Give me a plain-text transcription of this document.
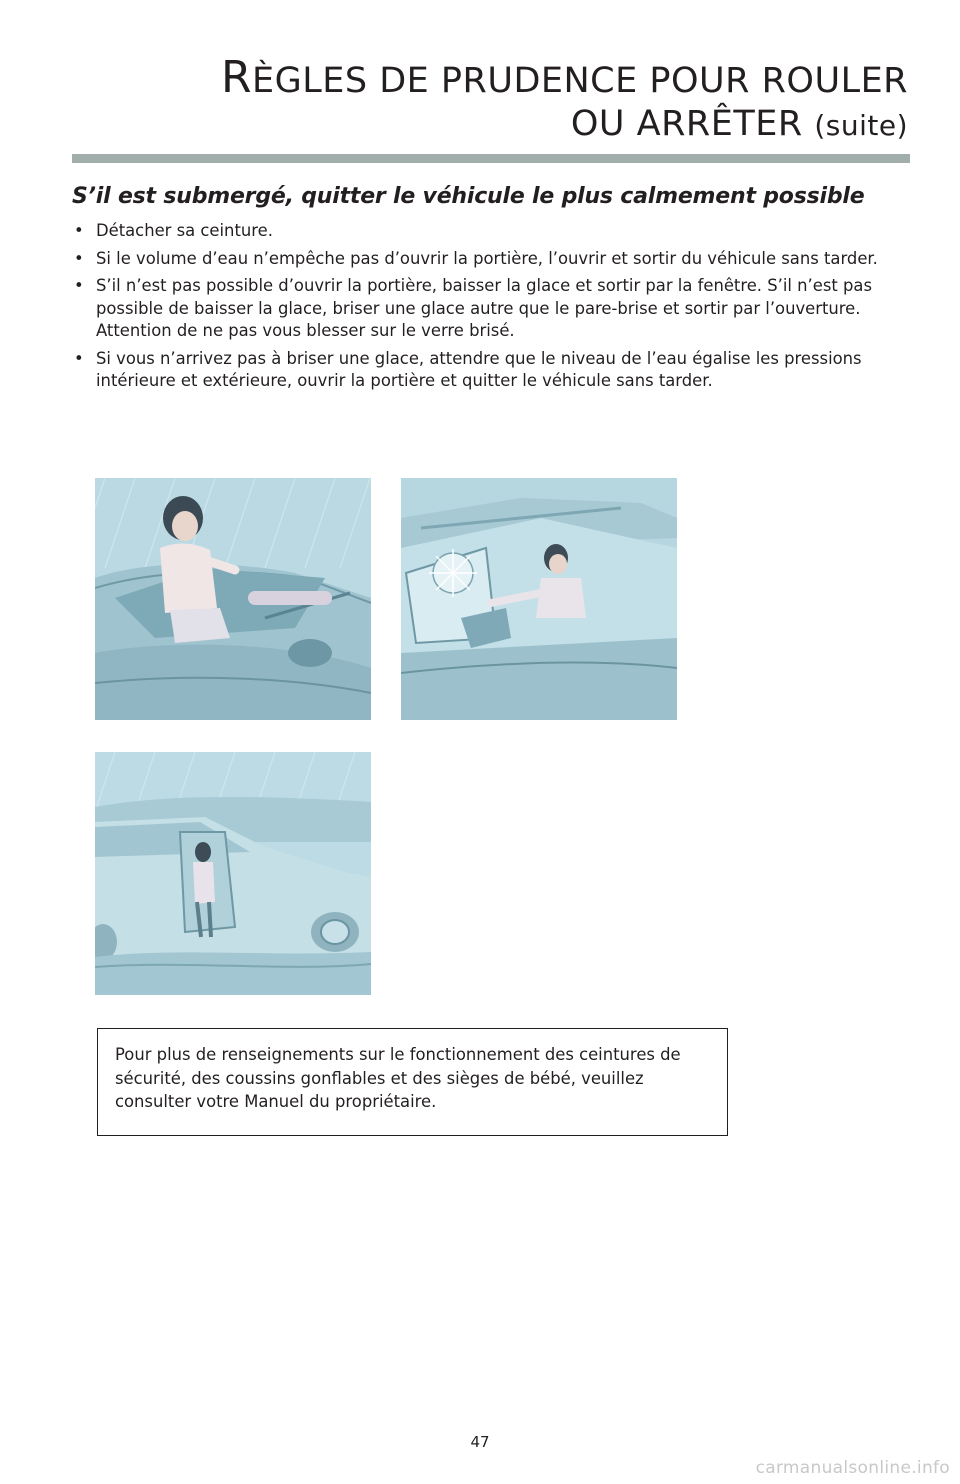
RÈGLES DE PRUDENCE POUR ROULER
OU ARRÊTER (suite)
S’il est submergé, quitter le véhicule le plus calmement possible
• Détacher sa ceinture.
• Si le volume d’eau n’empêche pas d’ouvrir la portière, l’ouvrir et sortir du véhicule sans tarder.
• S’il n’est pas possible d’ouvrir la portière, baisser la glace et sortir par la fenêtre. S’il n’est pas possible de baisser la glace, briser une glace autre que le pare-brise et sortir par l’ouverture. Attention de ne pas vous blesser sur le verre brisé.
• Si vous n’arrivez pas à briser une glace, attendre que le niveau de l’eau égalise les pressions intérieure et extérieure, ouvrir la portière et quitter le véhicule sans tarder.
Pour plus de renseignements sur le fonctionnement des ceintures de sécurité, des coussins gonflables et des sièges de bébé, veuillez consulter votre Manuel du propriétaire.
47
carmanualsonline.info
